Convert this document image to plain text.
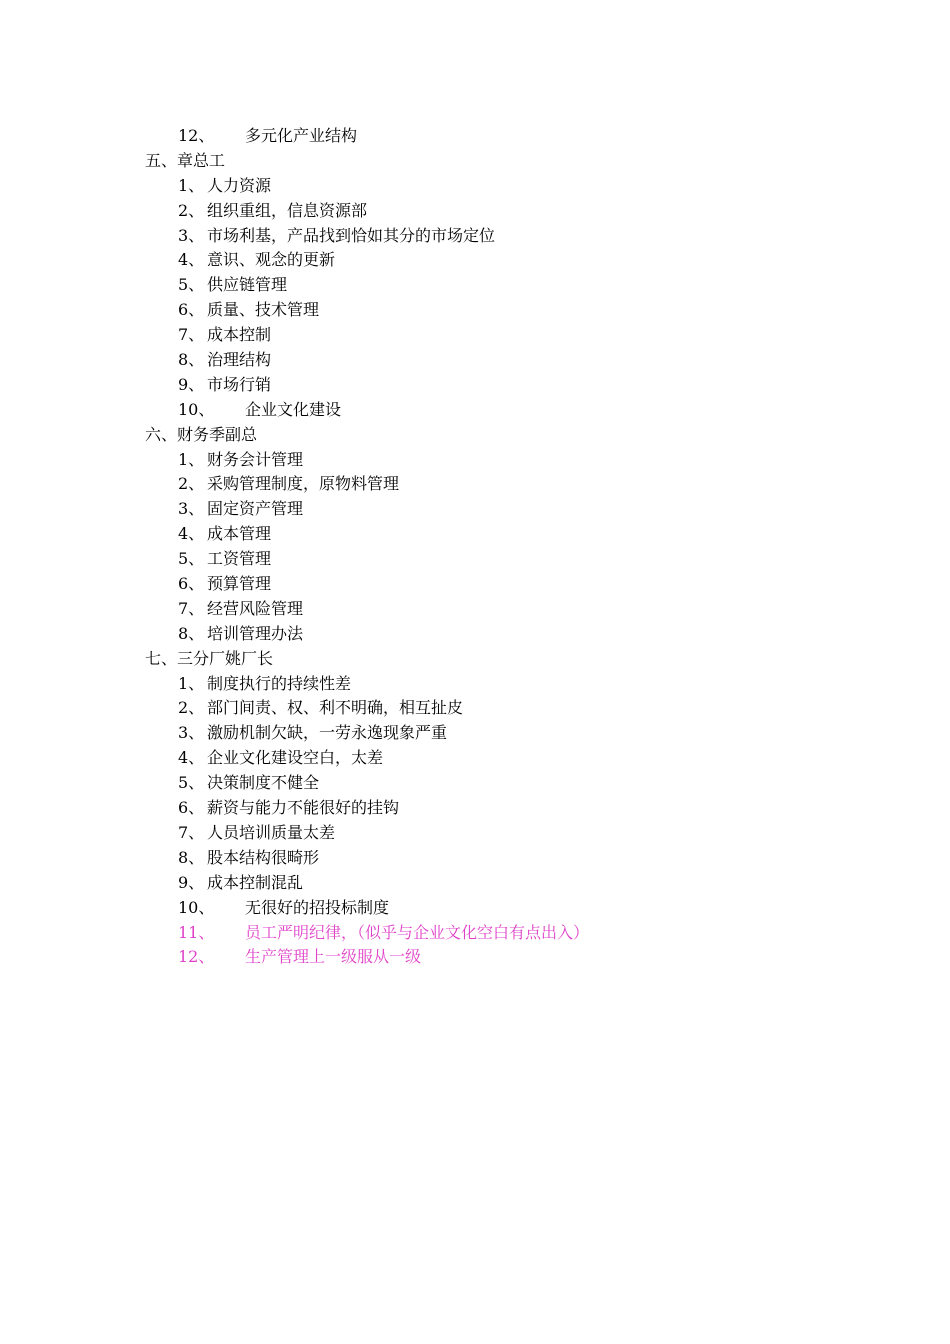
12、	多元化产业结构
五、章总工
1、 人力资源
2、 组织重组，信息资源部
3、 市场利基，产品找到恰如其分的市场定位
4、 意识、观念的更新
5、 供应链管理
6、 质量、技术管理
7、 成本控制
8、 治理结构
9、 市场行销
10、	企业文化建设
六、财务季副总
1、 财务会计管理
2、 采购管理制度，原物料管理
3、 固定资产管理
4、 成本管理
5、 工资管理
6、 预算管理
7、 经营风险管理
8、 培训管理办法
七、三分厂姚厂长
1、 制度执行的持续性差
2、 部门间责、权、利不明确，相互扯皮
3、 激励机制欠缺，一劳永逸现象严重
4、 企业文化建设空白，太差
5、 决策制度不健全
6、 薪资与能力不能很好的挂钩
7、 人员培训质量太差
8、 股本结构很畸形
9、 成本控制混乱
10、	无很好的招投标制度
11、	员工严明纪律，（似乎与企业文化空白有点出入）
12、	生产管理上一级服从一级
